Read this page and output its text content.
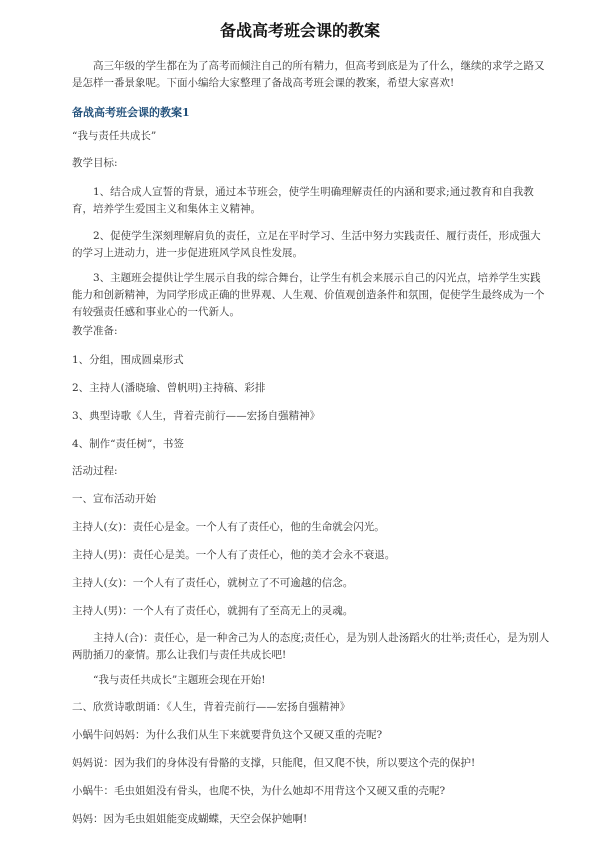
备战高考班会课的教案

高三年级的学生都在为了高考而倾注自己的所有精力，但高考到底是为了什么，继续的求学之路又是怎样一番景象呢。下面小编给大家整理了备战高考班会课的教案，希望大家喜欢!

备战高考班会课的教案1

“我与责任共成长”

教学目标:

1、结合成人宣誓的背景，通过本节班会，使学生明确理解责任的内涵和要求;通过教育和自我教育，培养学生爱国主义和集体主义精神。

2、促使学生深刻理解肩负的责任，立足在平时学习、生活中努力实践责任、履行责任，形成强大的学习上进动力，进一步促进班风学风良性发展。

3、主题班会提供让学生展示自我的综合舞台，让学生有机会来展示自己的闪光点，培养学生实践能力和创新精神，为同学形成正确的世界观、人生观、价值观创造条件和氛围，促使学生最终成为一个有较强责任感和事业心的一代新人。

教学准备:

1、分组，围成圆桌形式

2、主持人(潘晓瑜、曾帆明)主持稿、彩排

3、典型诗歌《人生，背着壳前行——宏扬自强精神》

4、制作“责任树”，书签

活动过程:

一、宣布活动开始

主持人(女)：责任心是金。一个人有了责任心，他的生命就会闪光。

主持人(男)：责任心是美。一个人有了责任心，他的美才会永不衰退。

主持人(女)：一个人有了责任心，就树立了不可逾越的信念。

主持人(男)：一个人有了责任心，就拥有了至高无上的灵魂。

主持人(合)：责任心，是一种舍己为人的态度;责任心，是为别人赴汤蹈火的壮举;责任心，是为别人两肋插刀的豪情。那么让我们与责任共成长吧!

“我与责任共成长”主题班会现在开始!

二、欣赏诗歌朗诵：《人生，背着壳前行——宏扬自强精神》

小蜗牛问妈妈：为什么我们从生下来就要背负这个又硬又重的壳呢?

妈妈说：因为我们的身体没有骨骼的支撑，只能爬，但又爬不快，所以要这个壳的保护!

小蜗牛：毛虫姐姐没有骨头，也爬不快，为什么她却不用背这个又硬又重的壳呢?

妈妈：因为毛虫姐姐能变成蝴蝶，天空会保护她啊!
